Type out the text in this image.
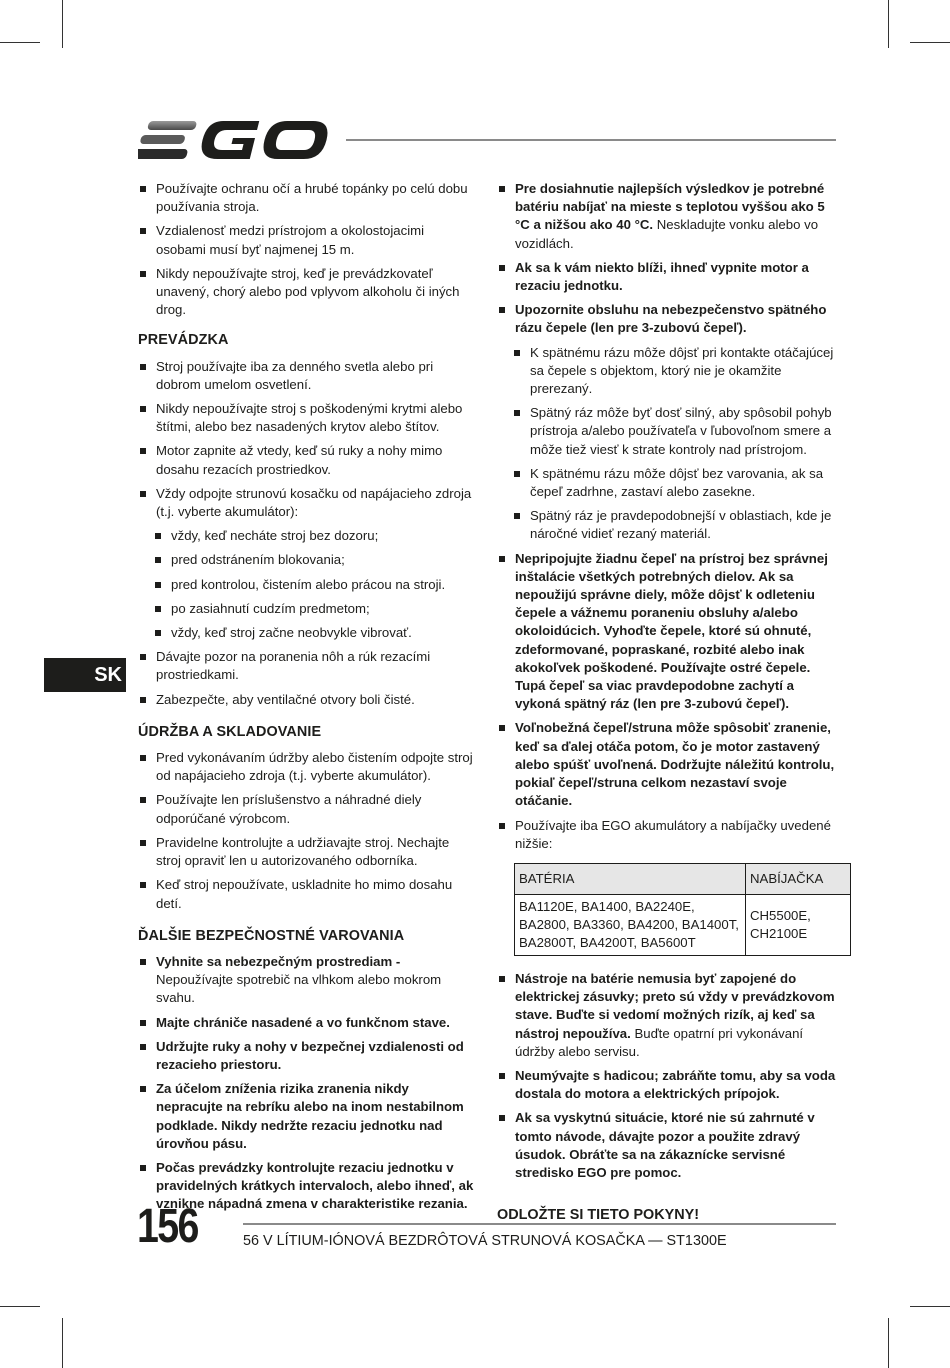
SK
Používajte ochranu očí a hrubé topánky po celú dobu používania stroja.
Vzdialenosť medzi prístrojom a okolostojacimi osobami musí byť najmenej 15 m.
Nikdy nepoužívajte stroj, keď je prevádzkovateľ unavený, chorý alebo pod vplyvom alkoholu či iných drog.
PREVÁDZKA
Stroj používajte iba za denného svetla alebo pri dobrom umelom osvetlení.
Nikdy nepoužívajte stroj s poškodenými krytmi alebo štítmi, alebo bez nasadených krytov alebo štítov.
Motor zapnite až vtedy, keď sú ruky a nohy mimo dosahu rezacích prostriedkov.
Vždy odpojte strunovú kosačku od napájacieho zdroja (t.j. vyberte akumulátor):
vždy, keď necháte stroj bez dozoru;
pred odstránením blokovania;
pred kontrolou, čistením alebo prácou na stroji.
po zasiahnutí cudzím predmetom;
vždy, keď stroj začne neobvykle vibrovať.
Dávajte pozor na poranenia nôh a rúk rezacími prostriedkami.
Zabezpečte, aby ventilačné otvory boli čisté.
ÚDRŽBA A SKLADOVANIE
Pred vykonávaním údržby alebo čistením odpojte stroj od napájacieho zdroja (t.j. vyberte akumulátor).
Používajte len príslušenstvo a náhradné diely odporúčané výrobcom.
Pravidelne kontrolujte a udržiavajte stroj. Nechajte stroj opraviť len u autorizovaného odborníka.
Keď stroj nepoužívate, uskladnite ho mimo dosahu detí.
ĎALŠIE BEZPEČNOSTNÉ VAROVANIA
Vyhnite sa nebezpečným prostrediam - Nepoužívajte spotrebič na vlhkom alebo mokrom svahu.
Majte chrániče nasadené a vo funkčnom stave.
Udržujte ruky a nohy v bezpečnej vzdialenosti od rezacieho priestoru.
Za účelom zníženia rizika zranenia nikdy nepracujte na rebríku alebo na inom nestabilnom podklade. Nikdy nedržte rezaciu jednotku nad úrovňou pásu.
Počas prevádzky kontrolujte rezaciu jednotku v pravidelných krátkych intervaloch, alebo ihneď, ak vznikne nápadná zmena v charakteristike rezania.
Pre dosiahnutie najlepších výsledkov je potrebné batériu nabíjať na mieste s teplotou vyššou ako 5 °C a nižšou ako 40 °C. Neskladujte vonku alebo vo vozidlách.
Ak sa k vám niekto blíži, ihneď vypnite motor a rezaciu jednotku.
Upozornite obsluhu na nebezpečenstvo spätného rázu čepele (len pre 3-zubovú čepeľ).
K spätnému rázu môže dôjsť pri kontakte otáčajúcej sa čepele s objektom, ktorý nie je okamžite prerezaný.
Spätný ráz môže byť dosť silný, aby spôsobil pohyb prístroja a/alebo používateľa v ľubovoľnom smere a môže tiež viesť k strate kontroly nad prístrojom.
K spätnému rázu môže dôjsť bez varovania, ak sa čepeľ zadrhne, zastaví alebo zasekne.
Spätný ráz je pravdepodobnejší v oblastiach, kde je náročné vidieť rezaný materiál.
Nepripojujte žiadnu čepeľ na prístroj bez správnej inštalácie všetkých potrebných dielov. Ak sa nepoužijú správne diely, môže dôjsť k odleteniu čepele a vážnemu poraneniu obsluhy a/alebo okoloidúcich. Vyhoďte čepele, ktoré sú ohnuté, zdeformované, popraskané, rozbité alebo inak akokoľvek poškodené. Používajte ostré čepele. Tupá čepeľ sa viac pravdepodobne zachytí a vykoná spätný ráz (len pre 3-zubovú čepeľ).
Voľnobežná čepeľ/struna môže spôsobiť zranenie, keď sa ďalej otáča potom, čo je motor zastavený alebo spúšť uvoľnená. Dodržujte náležitú kontrolu, pokiaľ čepeľ/struna celkom nezastaví svoje otáčanie.
Používajte iba EGO akumulátory a nabíjačky uvedené nižšie:
BATÉRIA	NABÍJAČKA
BA1120E, BA1400, BA2240E, BA2800, BA3360, BA4200, BA1400T, BA2800T, BA4200T, BA5600T	CH5500E, CH2100E
Nástroje na batérie nemusia byť zapojené do elektrickej zásuvky; preto sú vždy v prevádzkovom stave. Buďte si vedomí možných rizík, aj keď sa nástroj nepoužíva. Buďte opatrní pri vykonávaní údržby alebo servisu.
Neumývajte s hadicou; zabráňte tomu, aby sa voda dostala do motora a elektrických prípojok.
Ak sa vyskytnú situácie, ktoré nie sú zahrnuté v tomto návode, dávajte pozor a použite zdravý úsudok. Obráťte sa na zákaznícke servisné stredisko EGO pre pomoc.
ODLOŽTE SI TIETO POKYNY!
156	56 V LÍTIUM-IÓNOVÁ BEZDRÔTOVÁ STRUNOVÁ KOSAČKA — ST1300E
